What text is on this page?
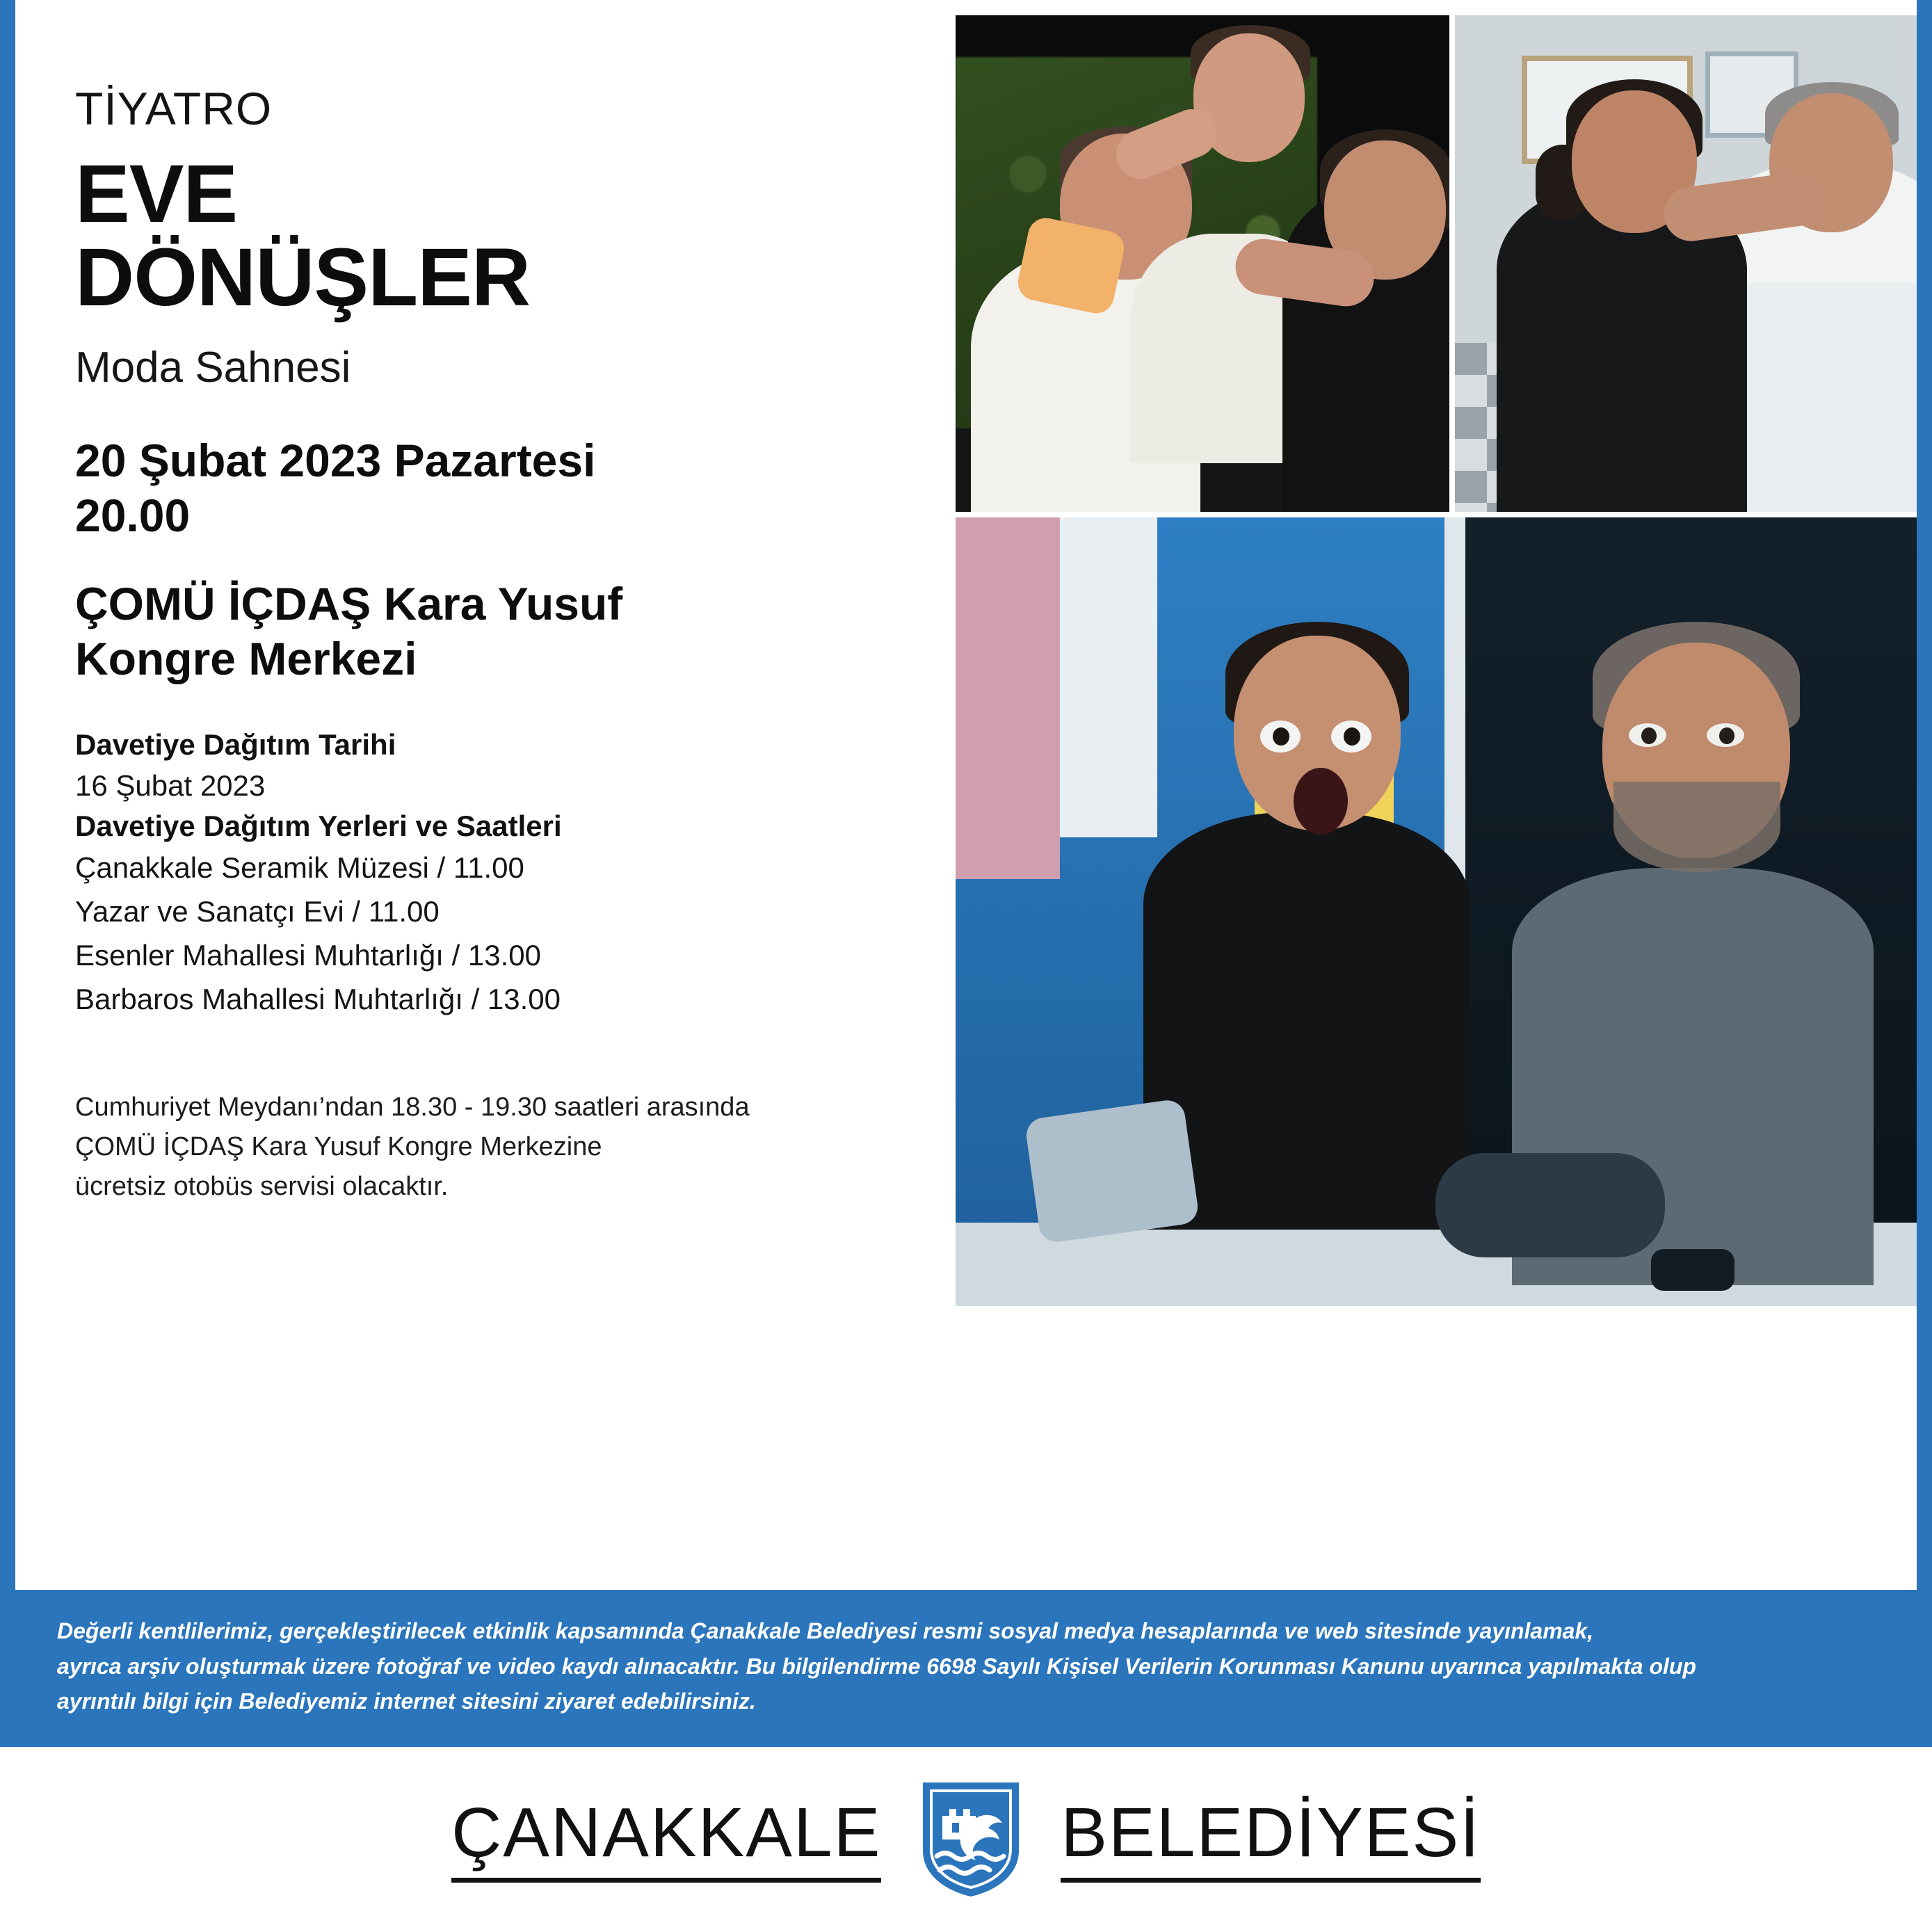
TİYATRO

EVE
DÖNÜŞLER

Moda Sahnesi

20 Şubat 2023 Pazartesi
20.00
ÇOMÜ İÇDAŞ Kara Yusuf
Kongre Merkezi

Davetiye Dağıtım Tarihi

16 Şubat 2023

Davetiye Dağıtım Yerleri ve Saatleri

Çanakkale Seramik Müzesi / 11.00
Yazar ve Sanatçı Evi / 11.00
Esenler Mahallesi Muhtarlığı / 13.00
Barbaros Mahallesi Muhtarlığı / 13.00
Cumhuriyet Meydanı’ndan 18.30 - 19.30 saatleri arasında
ÇOMÜ İÇDAŞ Kara Yusuf Kongre Merkezine
ücretsiz otobüs servisi olacaktır.

Değerli kentlilerimiz, gerçekleştirilecek etkinlik kapsamında Çanakkale Belediyesi resmi sosyal medya hesaplarında ve web sitesinde yayınlamak,

ayrıca arşiv oluşturmak üzere fotoğraf ve video kaydı alınacaktır. Bu bilgilendirme 6698 Sayılı Kişisel Verilerin Korunması Kanunu uyarınca yapılmakta olup

ayrıntılı bilgi için Belediyemiz internet sitesini ziyaret edebilirsiniz.

ÇANAKKALE	BELEDİYESİ
